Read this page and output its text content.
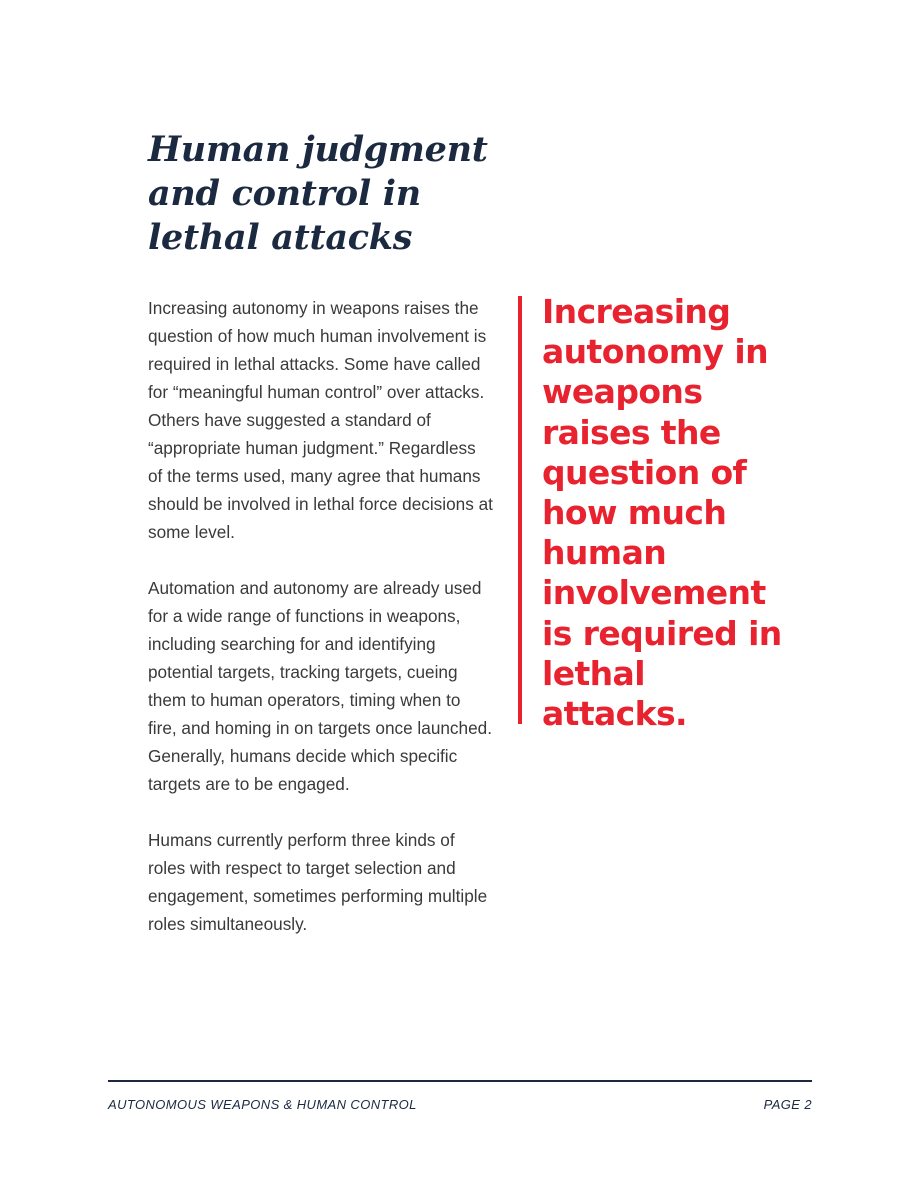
Human judgment and control in lethal attacks

Increasing autonomy in weapons raises the question of how much human involvement is required in lethal attacks. Some have called for “meaningful human control” over attacks. Others have suggested a standard of “appropriate human judgment.” Regardless of the terms used, many agree that humans should be involved in lethal force decisions at some level.

Automation and autonomy are already used for a wide range of functions in weapons, including searching for and identifying potential targets, tracking targets, cueing them to human operators, timing when to fire, and homing in on targets once launched. Generally, humans decide which specific targets are to be engaged.

Humans currently perform three kinds of roles with respect to target selection and engagement, sometimes performing multiple roles simultaneously.

Increasing autonomy in weapons raises the question of how much human involvement is required in lethal attacks.

AUTONOMOUS WEAPONS & HUMAN CONTROL	PAGE 2
